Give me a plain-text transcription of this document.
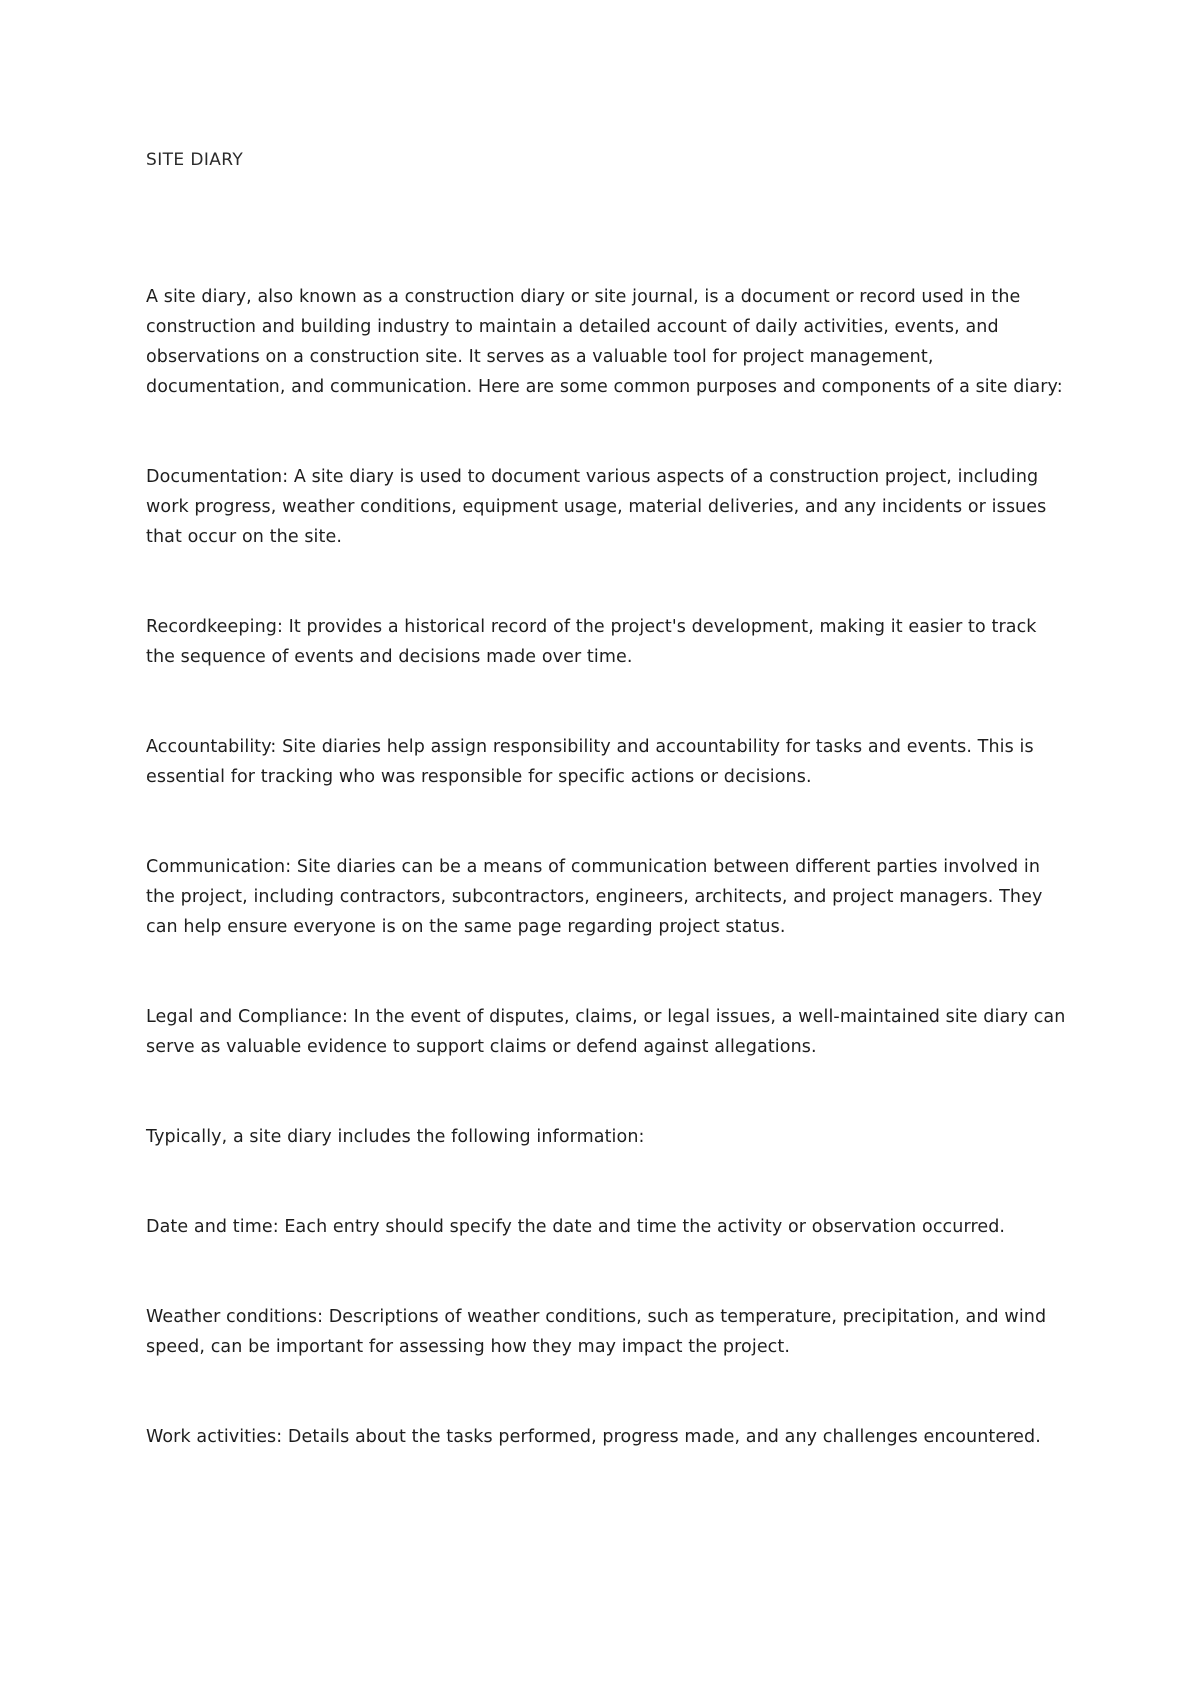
SITE DIARY

A site diary, also known as a construction diary or site journal, is a document or record used in the construction and building industry to maintain a detailed account of daily activities, events, and observations on a construction site. It serves as a valuable tool for project management, documentation, and communication. Here are some common purposes and components of a site diary:

Documentation: A site diary is used to document various aspects of a construction project, including work progress, weather conditions, equipment usage, material deliveries, and any incidents or issues that occur on the site.

Recordkeeping: It provides a historical record of the project's development, making it easier to track the sequence of events and decisions made over time.

Accountability: Site diaries help assign responsibility and accountability for tasks and events. This is essential for tracking who was responsible for specific actions or decisions.

Communication: Site diaries can be a means of communication between different parties involved in the project, including contractors, subcontractors, engineers, architects, and project managers. They can help ensure everyone is on the same page regarding project status.

Legal and Compliance: In the event of disputes, claims, or legal issues, a well-maintained site diary can serve as valuable evidence to support claims or defend against allegations.

Typically, a site diary includes the following information:

Date and time: Each entry should specify the date and time the activity or observation occurred.

Weather conditions: Descriptions of weather conditions, such as temperature, precipitation, and wind speed, can be important for assessing how they may impact the project.

Work activities: Details about the tasks performed, progress made, and any challenges encountered.
